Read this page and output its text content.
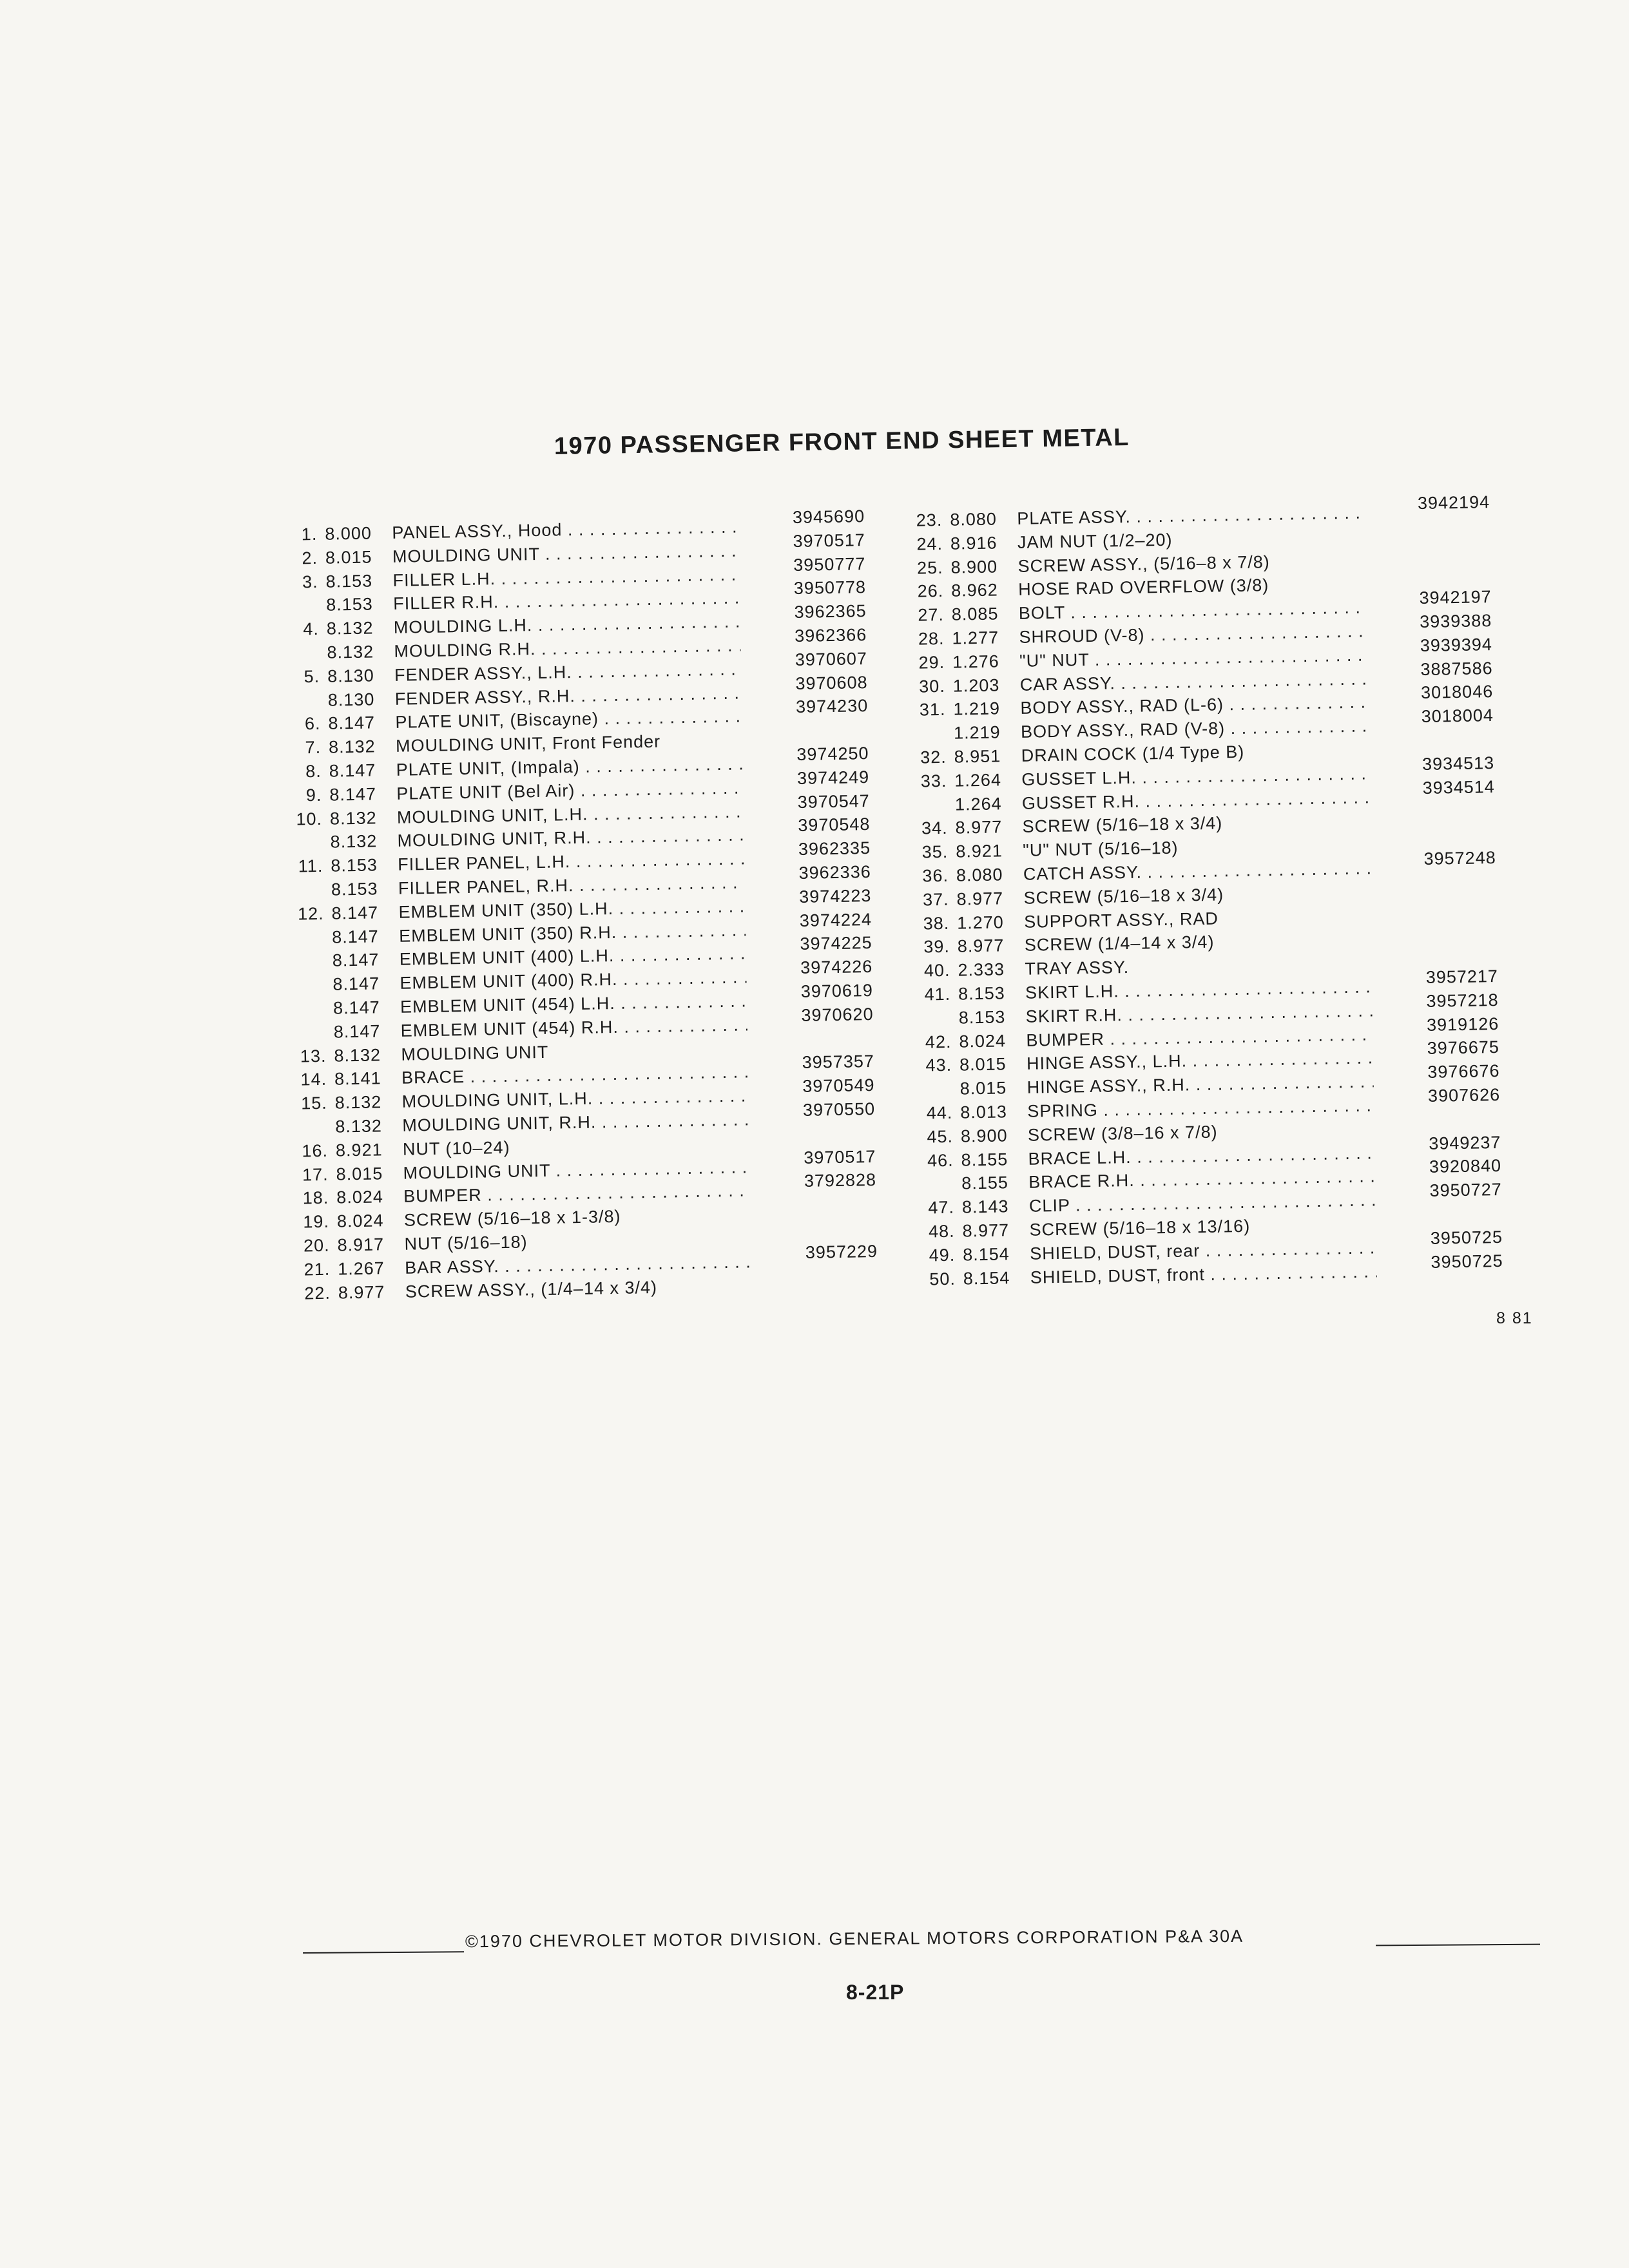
1970 PASSENGER FRONT END SHEET METAL
1. 8.000 PANEL ASSY., Hood . . .
3945690
2. 8.015 MOULDING UNIT . . .
3970517
3. 8.153 FILLER L.H. . . .
3950777
8.153 FILLER R.H. . . .
3950778
4. 8.132 MOULDING L.H. . . .
3962365
8.132 MOULDING R.H. . . .
3962366
5. 8.130 FENDER ASSY., L.H. . . .
3970607
8.130 FENDER ASSY., R.H. . . .
3970608
6. 8.147 PLATE UNIT, (Biscayne) . . .
3974230
7. 8.132 MOULDING UNIT, Front Fender
8. 8.147 PLATE UNIT, (Impala) . . .
3974250
9. 8.147 PLATE UNIT (Bel Air) . . .
3974249
10. 8.132 MOULDING UNIT, L.H. . . .
3970547
8.132 MOULDING UNIT, R.H. . . .
3970548
11. 8.153 FILLER PANEL, L.H. . . .
3962335
8.153 FILLER PANEL, R.H. . . .
3962336
12. 8.147 EMBLEM UNIT (350) L.H. . . .
3974223
8.147 EMBLEM UNIT (350) R.H. . . .
3974224
8.147 EMBLEM UNIT (400) L.H. . . .
3974225
8.147 EMBLEM UNIT (400) R.H. . . .
3974226
8.147 EMBLEM UNIT (454) L.H. . . .
3970619
8.147 EMBLEM UNIT (454) R.H. . . .
3970620
13. 8.132 MOULDING UNIT
14. 8.141 BRACE . . .
3957357
15. 8.132 MOULDING UNIT, L.H. . . .
3970549
8.132 MOULDING UNIT, R.H. . . .
3970550
16. 8.921 NUT (10–24)
17. 8.015 MOULDING UNIT . . .
3970517
18. 8.024 BUMPER . . .
3792828
19. 8.024 SCREW (5/16–18 x 1-3/8)
20. 8.917 NUT (5/16–18)
21. 1.267 BAR ASSY. . . .
3957229
22. 8.977 SCREW ASSY., (1/4–14 x 3/4)
23. 8.080 PLATE ASSY. . . .
3942194
24. 8.916 JAM NUT (1/2–20)
25. 8.900 SCREW ASSY., (5/16–8 x 7/8)
26. 8.962 HOSE RAD OVERFLOW (3/8)
27. 8.085 BOLT . . .
3942197
28. 1.277 SHROUD (V-8) . . .
3939388
29. 1.276 "U" NUT . . .
3939394
30. 1.203 CAR ASSY. . . .
3887586
31. 1.219 BODY ASSY., RAD (L-6) . . .
3018046
1.219 BODY ASSY., RAD (V-8) . . .
3018004
32. 8.951 DRAIN COCK (1/4 Type B)
33. 1.264 GUSSET L.H. . . .
3934513
1.264 GUSSET R.H. . . .
3934514
34. 8.977 SCREW (5/16–18 x 3/4)
35. 8.921 "U" NUT (5/16–18)
36. 8.080 CATCH ASSY. . . .
3957248
37. 8.977 SCREW (5/16–18 x 3/4)
38. 1.270 SUPPORT ASSY., RAD
39. 8.977 SCREW (1/4–14 x 3/4)
40. 2.333 TRAY ASSY.
41. 8.153 SKIRT L.H. . . .
3957217
8.153 SKIRT R.H. . . .
3957218
42. 8.024 BUMPER . . .
3919126
43. 8.015 HINGE ASSY., L.H. . . .
3976675
8.015 HINGE ASSY., R.H. . . .
3976676
44. 8.013 SPRING . . .
3907626
45. 8.900 SCREW (3/8–16 x 7/8)
46. 8.155 BRACE L.H. . . .
3949237
8.155 BRACE R.H. . . .
3920840
47. 8.143 CLIP . . .
3950727
48. 8.977 SCREW (5/16–18 x 13/16)
49. 8.154 SHIELD, DUST, rear . . .
3950725
50. 8.154 SHIELD, DUST, front . . .
3950725
8 81
©1970 CHEVROLET MOTOR DIVISION. GENERAL MOTORS CORPORATION P&A 30A
8-21P
